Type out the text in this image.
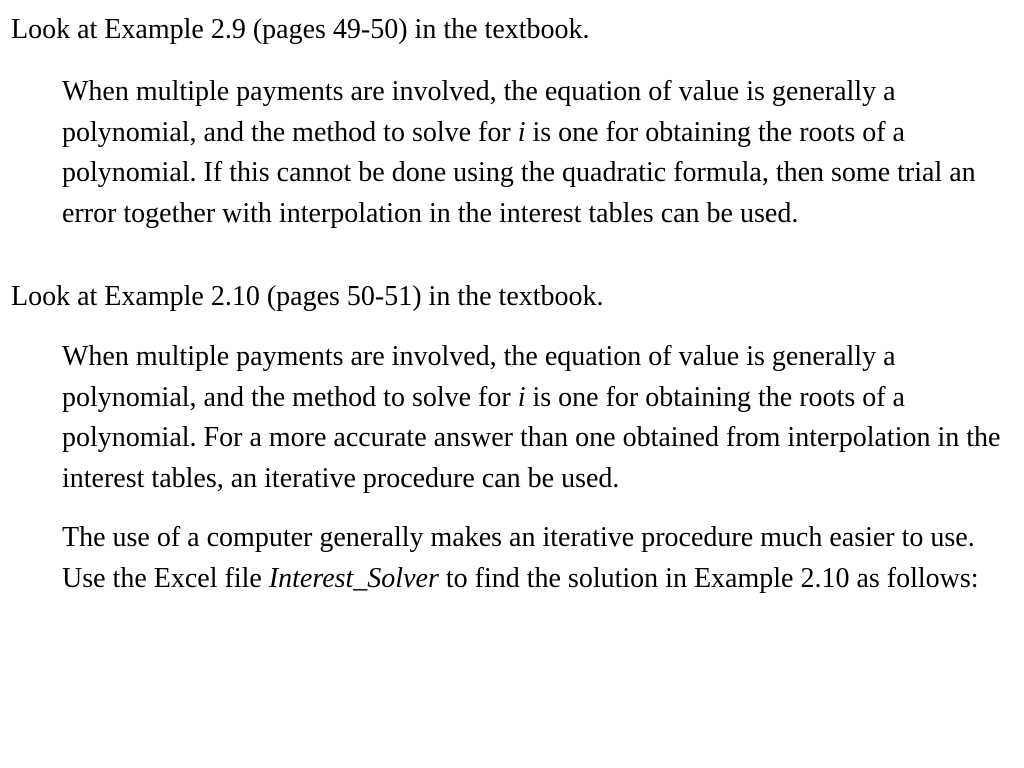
Look at Example 2.9 (pages 49-50) in the textbook.

When multiple payments are involved, the equation of value is generally a polynomial, and the method to solve for i is one for obtaining the roots of a polynomial. If this cannot be done using the quadratic formula, then some trial an error together with interpolation in the interest tables can be used.

Look at Example 2.10 (pages 50-51) in the textbook.

When multiple payments are involved, the equation of value is generally a polynomial, and the method to solve for i is one for obtaining the roots of a polynomial. For a more accurate answer than one obtained from interpolation in the interest tables, an iterative procedure can be used.

The use of a computer generally makes an iterative procedure much easier to use. Use the Excel file Interest_Solver to find the solution in Example 2.10 as follows:
